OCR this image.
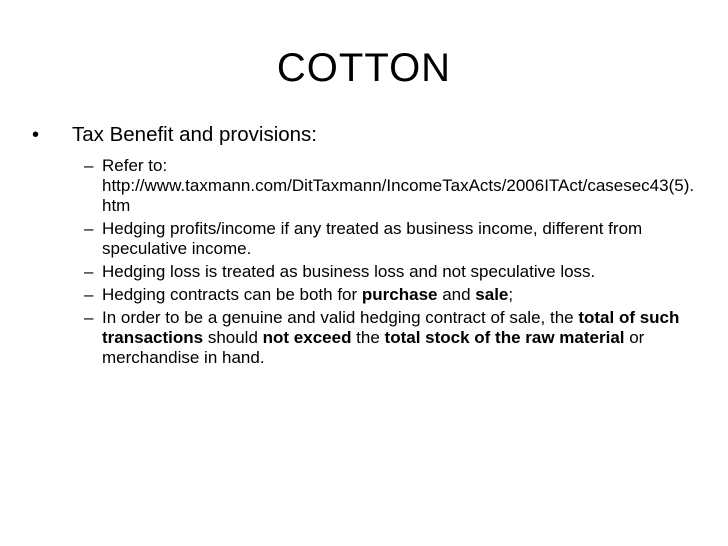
COTTON
• Tax Benefit and provisions:
– Refer to:
http://www.taxmann.com/DitTaxmann/IncomeTaxActs/2006ITAct/casesec43(5).htm
– Hedging profits/income if any treated as business income, different from speculative income.
– Hedging loss is treated as business loss and not speculative loss.
– Hedging contracts can be both for purchase and sale;
– In order to be a genuine and valid hedging contract of sale, the total of such transactions should not exceed the total stock of the raw material or merchandise in hand.
